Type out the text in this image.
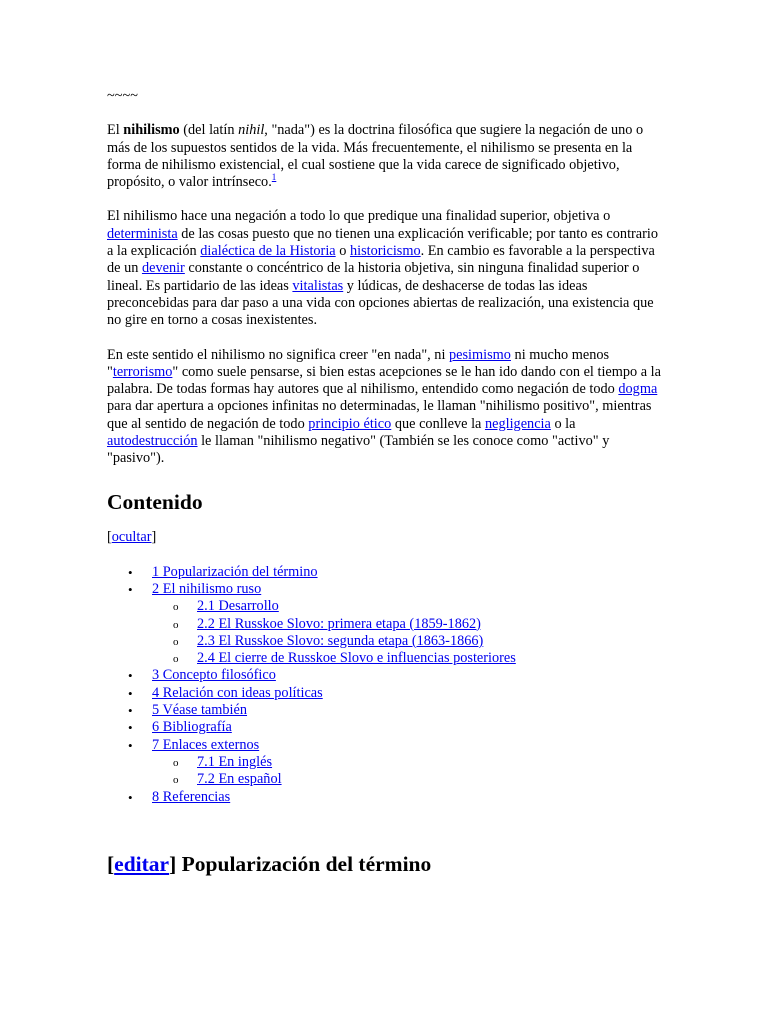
~~~~

El nihilismo (del latín nihil, "nada") es la doctrina filosófica que sugiere la negación de uno o más de los supuestos sentidos de la vida. Más frecuentemente, el nihilismo se presenta en la forma de nihilismo existencial, el cual sostiene que la vida carece de significado objetivo, propósito, o valor intrínseco.$^1$

El nihilismo hace una negación a todo lo que predique una finalidad superior, objetiva o determinista de las cosas puesto que no tienen una explicación verificable; por tanto es contrario a la explicación dialéctica de la Historia o historicismo. En cambio es favorable a la perspectiva de un devenir constante o concéntrico de la historia objetiva, sin ninguna finalidad superior o lineal. Es partidario de las ideas vitalistas y lúdicas, de deshacerse de todas las ideas preconcebidas para dar paso a una vida con opciones abiertas de realización, una existencia que no gire en torno a cosas inexistentes.

En este sentido el nihilismo no significa creer "en nada", ni pesimismo ni mucho menos "terrorismo" como suele pensarse, si bien estas acepciones se le han ido dando con el tiempo a la palabra. De todas formas hay autores que al nihilismo, entendido como negación de todo dogma para dar apertura a opciones infinitas no determinadas, le llaman "nihilismo positivo", mientras que al sentido de negación de todo principio ético que conlleve la negligencia o la autodestrucción le llaman "nihilismo negativo" (También se les conoce como "activo" y "pasivo").

Contenido
[ocultar]
• 1 Popularización del término
• 2 El nihilismo ruso
o 2.1 Desarrollo
o 2.2 El Russkoe Slovo: primera etapa (1859-1862)
o 2.3 El Russkoe Slovo: segunda etapa (1863-1866)
o 2.4 El cierre de Russkoe Slovo e influencias posteriores
• 3 Concepto filosófico
• 4 Relación con ideas políticas
• 5 Véase también
• 6 Bibliografía
• 7 Enlaces externos
o 7.1 En inglés
o 7.2 En español
• 8 Referencias
[editar] Popularización del término
